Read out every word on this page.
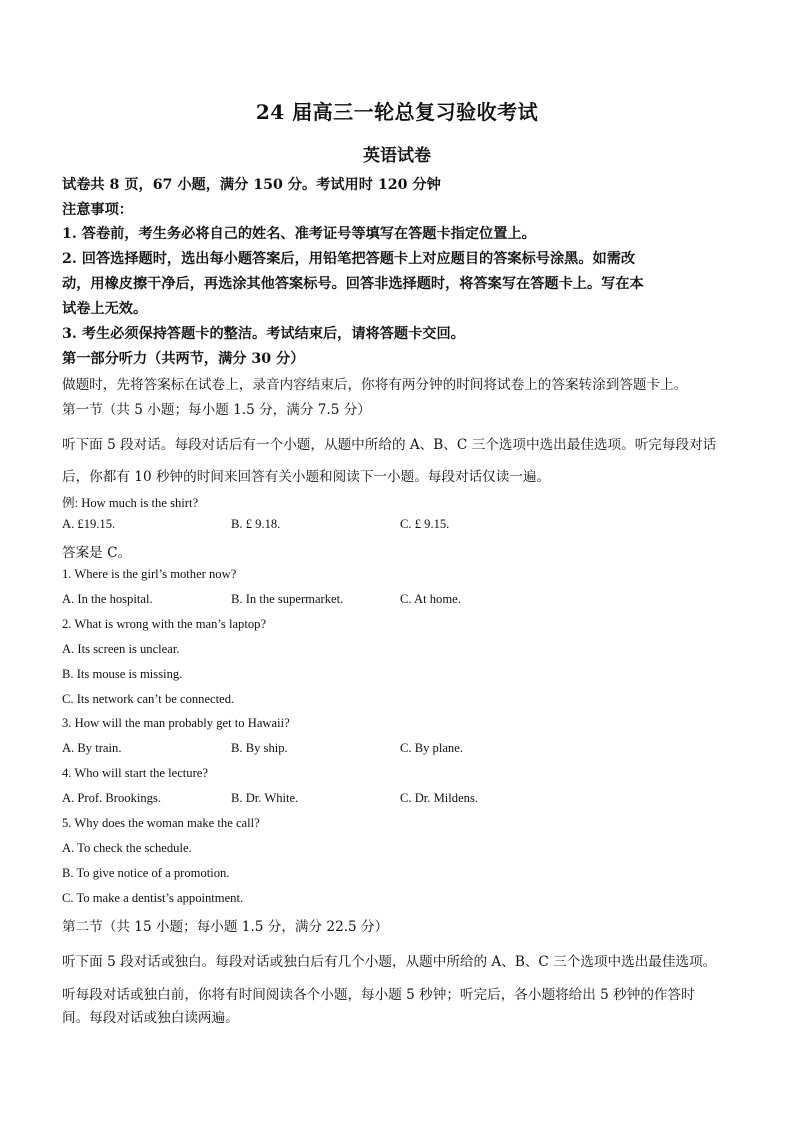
24 届高三一轮总复习验收考试
英语试卷
试卷共 8 页，67 小题，满分 150 分。考试用时 120 分钟
注意事项：
1. 答卷前，考生务必将自己的姓名、准考证号等填写在答题卡指定位置上。
2. 回答选择题时，选出每小题答案后，用铅笔把答题卡上对应题目的答案标号涂黑。如需改
动，用橡皮擦干净后，再选涂其他答案标号。回答非选择题时，将答案写在答题卡上。写在本
试卷上无效。
3. 考生必须保持答题卡的整洁。考试结束后，请将答题卡交回。
第一部分听力（共两节，满分 30 分）
做题时，先将答案标在试卷上，录音内容结束后，你将有两分钟的时间将试卷上的答案转涂到答题卡上。
第一节（共 5 小题；每小题 1.5 分，满分 7.5 分）
听下面 5 段对话。每段对话后有一个小题，从题中所给的 A、B、C 三个选项中选出最佳选项。听完每段对话
后，你都有 10 秒钟的时间来回答有关小题和阅读下一小题。每段对话仅读一遍。
例: How much is the shirt?
A. £19.15.	B. £ 9.18.	C. £ 9.15.
答案是 C。
1. Where is the girl’s mother now?
A. In the hospital.	B. In the supermarket.	C. At home.
2. What is wrong with the man’s laptop?
A. Its screen is unclear.
B. Its mouse is missing.
C. Its network can’t be connected.
3. How will the man probably get to Hawaii?
A. By train.	B. By ship.	C. By plane.
4. Who will start the lecture?
A. Prof. Brookings.	B. Dr. White.	C. Dr. Mildens.
5. Why does the woman make the call?
A. To check the schedule.
B. To give notice of a promotion.
C. To make a dentist’s appointment.
第二节（共 15 小题；每小题 1.5 分，满分 22.5 分）
听下面 5 段对话或独白。每段对话或独白后有几个小题，从题中所给的 A、B、C 三个选项中选出最佳选项。
听每段对话或独白前，你将有时间阅读各个小题，每小题 5 秒钟；听完后，各小题将给出 5 秒钟的作答时
间。每段对话或独白读两遍。
